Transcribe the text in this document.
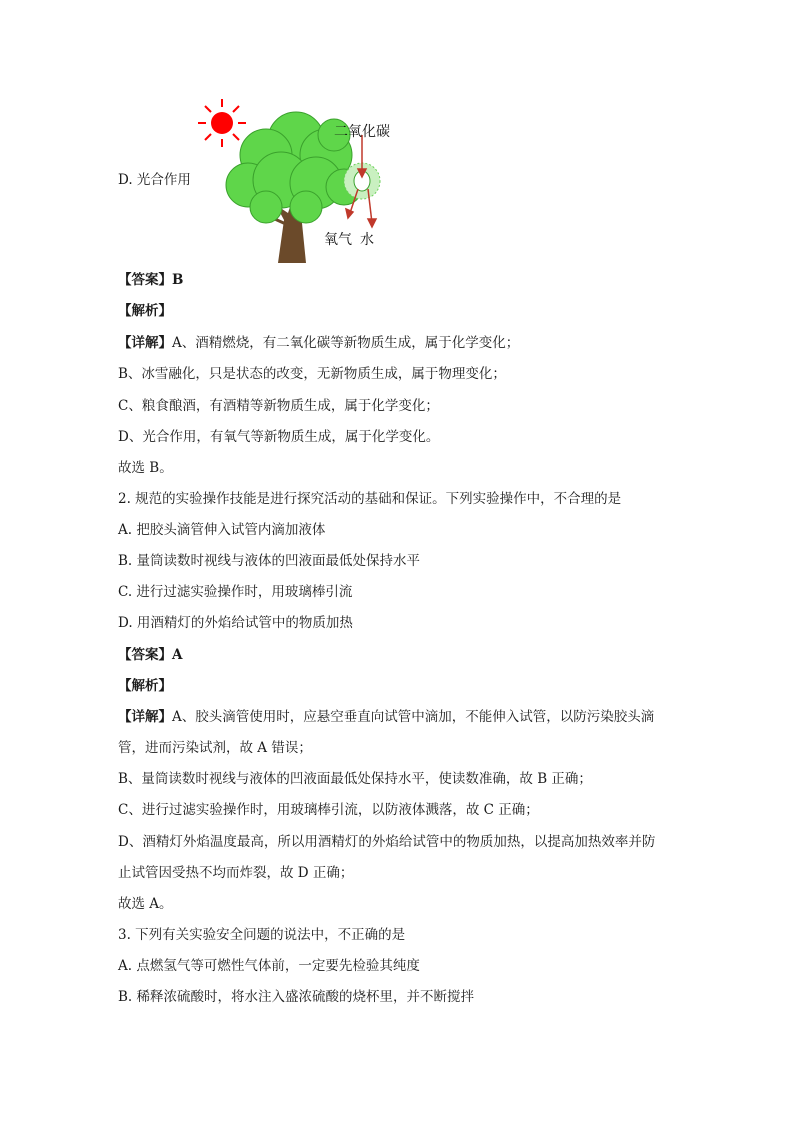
D. 光合作用
二氧化碳
氧气 水
【答案】B
【解析】
【详解】A、酒精燃烧，有二氧化碳等新物质生成，属于化学变化；
B、冰雪融化，只是状态的改变，无新物质生成，属于物理变化；
C、粮食酿酒，有酒精等新物质生成，属于化学变化；
D、光合作用，有氧气等新物质生成，属于化学变化。
故选 B。
2. 规范的实验操作技能是进行探究活动的基础和保证。下列实验操作中，不合理的是
A. 把胶头滴管伸入试管内滴加液体
B. 量筒读数时视线与液体的凹液面最低处保持水平
C. 进行过滤实验操作时，用玻璃棒引流
D. 用酒精灯的外焰给试管中的物质加热
【答案】A
【解析】
【详解】A、胶头滴管使用时，应悬空垂直向试管中滴加，不能伸入试管，以防污染胶头滴
管，进而污染试剂，故 A 错误；
B、量筒读数时视线与液体的凹液面最低处保持水平，使读数准确，故 B 正确；
C、进行过滤实验操作时，用玻璃棒引流，以防液体溅落，故 C 正确；
D、酒精灯外焰温度最高，所以用酒精灯的外焰给试管中的物质加热，以提高加热效率并防
止试管因受热不均而炸裂，故 D 正确；
故选 A。
3. 下列有关实验安全问题的说法中，不正确的是
A. 点燃氢气等可燃性气体前，一定要先检验其纯度
B. 稀释浓硫酸时，将水注入盛浓硫酸的烧杯里，并不断搅拌
